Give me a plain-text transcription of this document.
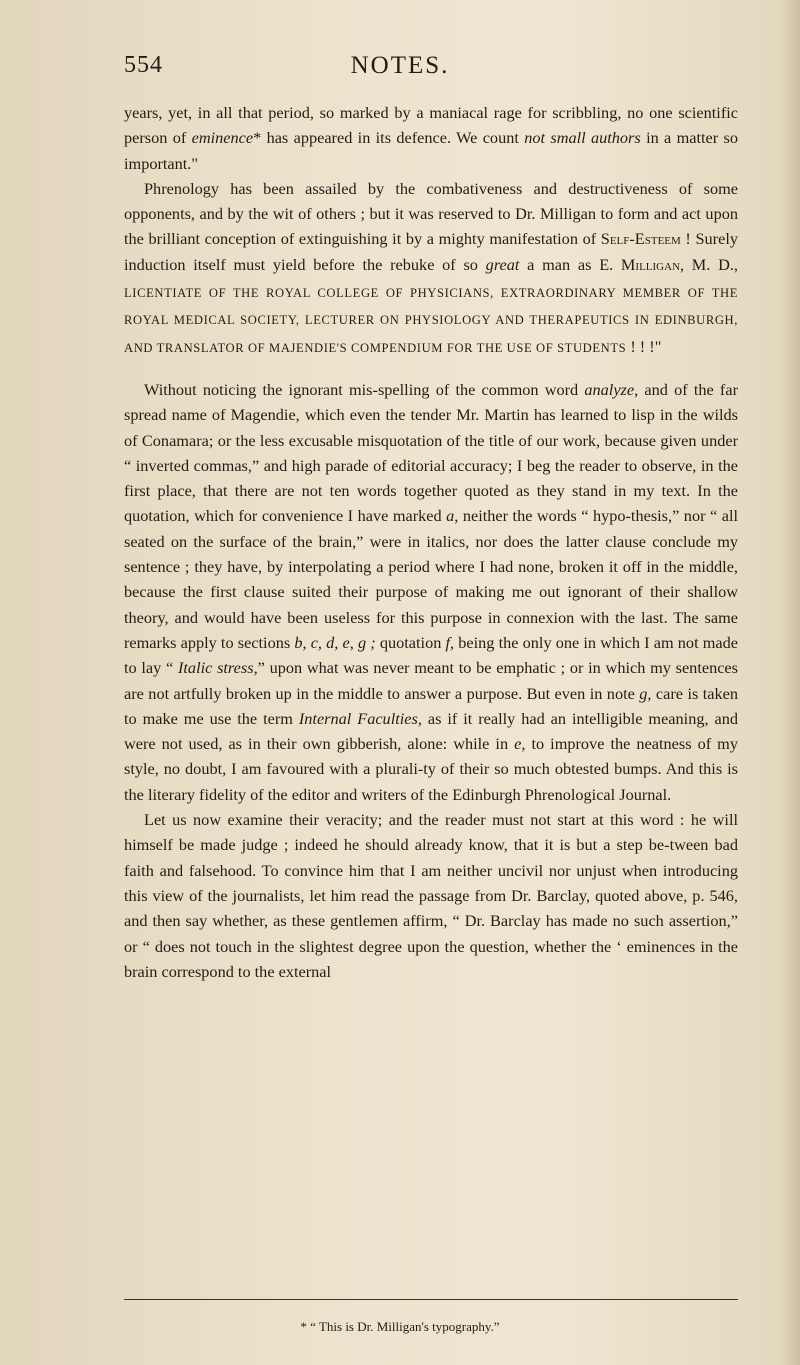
554	NOTES.

years, yet, in all that period, so marked by a maniacal rage for scribbling, no one scientific person of eminence* has appeared in its defence. We count not small authors in a matter so important."

Phrenology has been assailed by the combativeness and destructiveness of some opponents, and by the wit of others ; but it was reserved to Dr. Milligan to form and act upon the brilliant conception of extinguishing it by a mighty manifestation of Self-Esteem ! Surely induction itself must yield before the rebuke of so great a man as E. Milligan, M. D., LICENTIATE OF THE ROYAL COLLEGE OF PHYSICIANS, EXTRAORDINARY MEMBER OF THE ROYAL MEDICAL SOCIETY, LECTURER ON PHYSIOLOGY AND THERAPEUTICS IN EDINBURGH, AND TRANSLATOR OF MAJENDIE'S COMPENDIUM FOR THE USE OF STUDENTS ! ! !"

Without noticing the ignorant mis-spelling of the common word analyze, and of the far spread name of Magendie, which even the tender Mr. Martin has learned to lisp in the wilds of Conamara; or the less excusable misquotation of the title of our work, because given under “ inverted commas,” and high parade of editorial accuracy; I beg the reader to observe, in the first place, that there are not ten words together quoted as they stand in my text. In the quotation, which for convenience I have marked a, neither the words “ hypo-thesis,” nor “ all seated on the surface of the brain,” were in italics, nor does the latter clause conclude my sentence ; they have, by interpolating a period where I had none, broken it off in the middle, because the first clause suited their purpose of making me out ignorant of their shallow theory, and would have been useless for this purpose in connexion with the last. The same remarks apply to sections b, c, d, e, g ; quotation f, being the only one in which I am not made to lay “ Italic stress,” upon what was never meant to be emphatic ; or in which my sentences are not artfully broken up in the middle to answer a purpose. But even in note g, care is taken to make me use the term Internal Faculties, as if it really had an intelligible meaning, and were not used, as in their own gibberish, alone: while in e, to improve the neatness of my style, no doubt, I am favoured with a plurali-ty of their so much obtested bumps. And this is the literary fidelity of the editor and writers of the Edinburgh Phrenological Journal.

Let us now examine their veracity; and the reader must not start at this word : he will himself be made judge ; indeed he should already know, that it is but a step be-tween bad faith and falsehood. To convince him that I am neither uncivil nor unjust when introducing this view of the journalists, let him read the passage from Dr. Barclay, quoted above, p. 546, and then say whether, as these gentlemen affirm, “ Dr. Barclay has made no such assertion,” or “ does not touch in the slightest degree upon the question, whether the ‘ eminences in the brain correspond to the external

* “ This is Dr. Milligan's typography.”
